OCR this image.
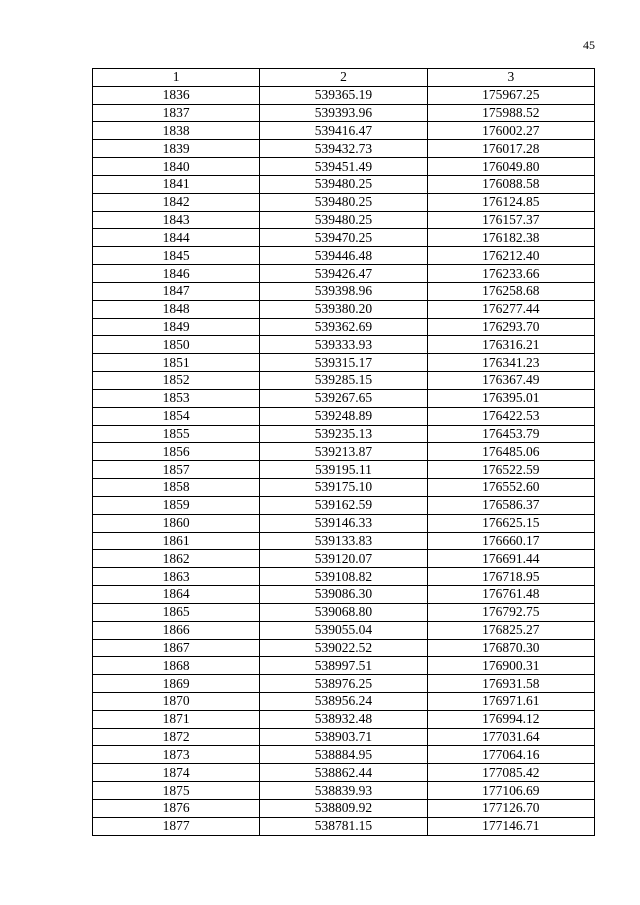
45
1	2	3
1836	539365.19	175967.25
1837	539393.96	175988.52
1838	539416.47	176002.27
1839	539432.73	176017.28
1840	539451.49	176049.80
1841	539480.25	176088.58
1842	539480.25	176124.85
1843	539480.25	176157.37
1844	539470.25	176182.38
1845	539446.48	176212.40
1846	539426.47	176233.66
1847	539398.96	176258.68
1848	539380.20	176277.44
1849	539362.69	176293.70
1850	539333.93	176316.21
1851	539315.17	176341.23
1852	539285.15	176367.49
1853	539267.65	176395.01
1854	539248.89	176422.53
1855	539235.13	176453.79
1856	539213.87	176485.06
1857	539195.11	176522.59
1858	539175.10	176552.60
1859	539162.59	176586.37
1860	539146.33	176625.15
1861	539133.83	176660.17
1862	539120.07	176691.44
1863	539108.82	176718.95
1864	539086.30	176761.48
1865	539068.80	176792.75
1866	539055.04	176825.27
1867	539022.52	176870.30
1868	538997.51	176900.31
1869	538976.25	176931.58
1870	538956.24	176971.61
1871	538932.48	176994.12
1872	538903.71	177031.64
1873	538884.95	177064.16
1874	538862.44	177085.42
1875	538839.93	177106.69
1876	538809.92	177126.70
1877	538781.15	177146.71
